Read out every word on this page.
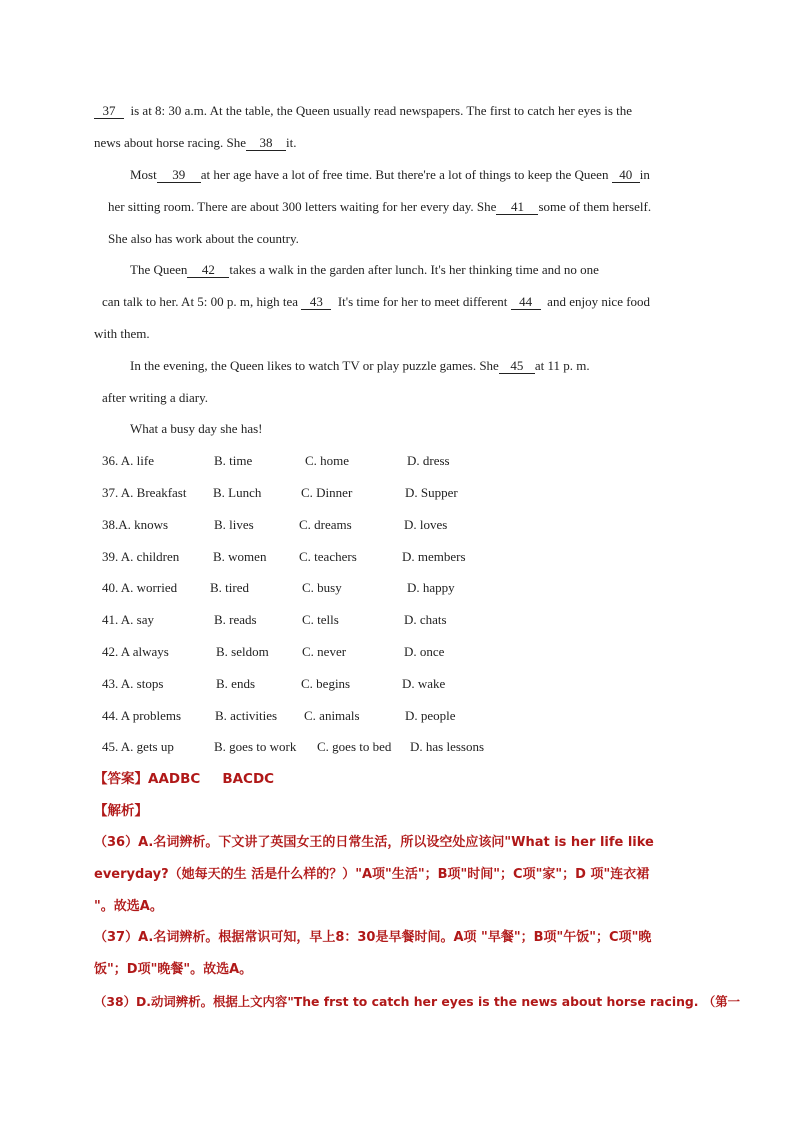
37 is at 8: 30 a.m. At the table, the Queen usually read newspapers. The first to catch her eyes is the
news about horse racing. She 38 it.
Most 39 at her age have a lot of free time. But there're a lot of things to keep the Queen 40 in
her sitting room. There are about 300 letters waiting for her every day. She 41 some of them herself.
She also has work about the country.
The Queen 42 takes a walk in the garden after lunch. It's her thinking time and no one
can talk to her. At 5: 00 p. m, high tea 43 It's time for her to meet different 44 and enjoy nice food
with them.
In the evening, the Queen likes to watch TV or play puzzle games. She 45 at 11 p. m.
after writing a diary.
What a busy day she has!
36. A. life	B. time	C. home	D. dress
37. A. Breakfast B. Lunch	C. Dinner	D. Supper
38.A. knows	B. lives	C. dreams	D. loves
39. A. children	B. women	C. teachers	D. members
40. A. worried	B. tired	C. busy	D. happy
41. A. say	B. reads	C. tells	D. chats
42. A always	B. seldom	C. never	D. once
43. A. stops	B. ends	C. begins	D. wake
44. A problems	B. activities C. animals	D. people
45. A. gets up	B. goes to work C. goes to bed D. has lessons
【答案】AADBC BACDC
【解析】
（36）A.名词辨析。下文讲了英国女王的日常生活，所以设空处应该问"What is her life like
everyday?（她每天的生 活是什么样的？）"A项"生活"；B项"时间"；C项"家"；D 项"连衣裙
"。故选A。
（37）A.名词辨析。根据常识可知，早上8：30是早餐时间。A项 "早餐"；B项"午饭"；C项"晚
饭"；D项"晚餐"。故选A。
（38）D.动词辨析。根据上文内容"The frst to catch her eyes is the news about horse racing. （第一
